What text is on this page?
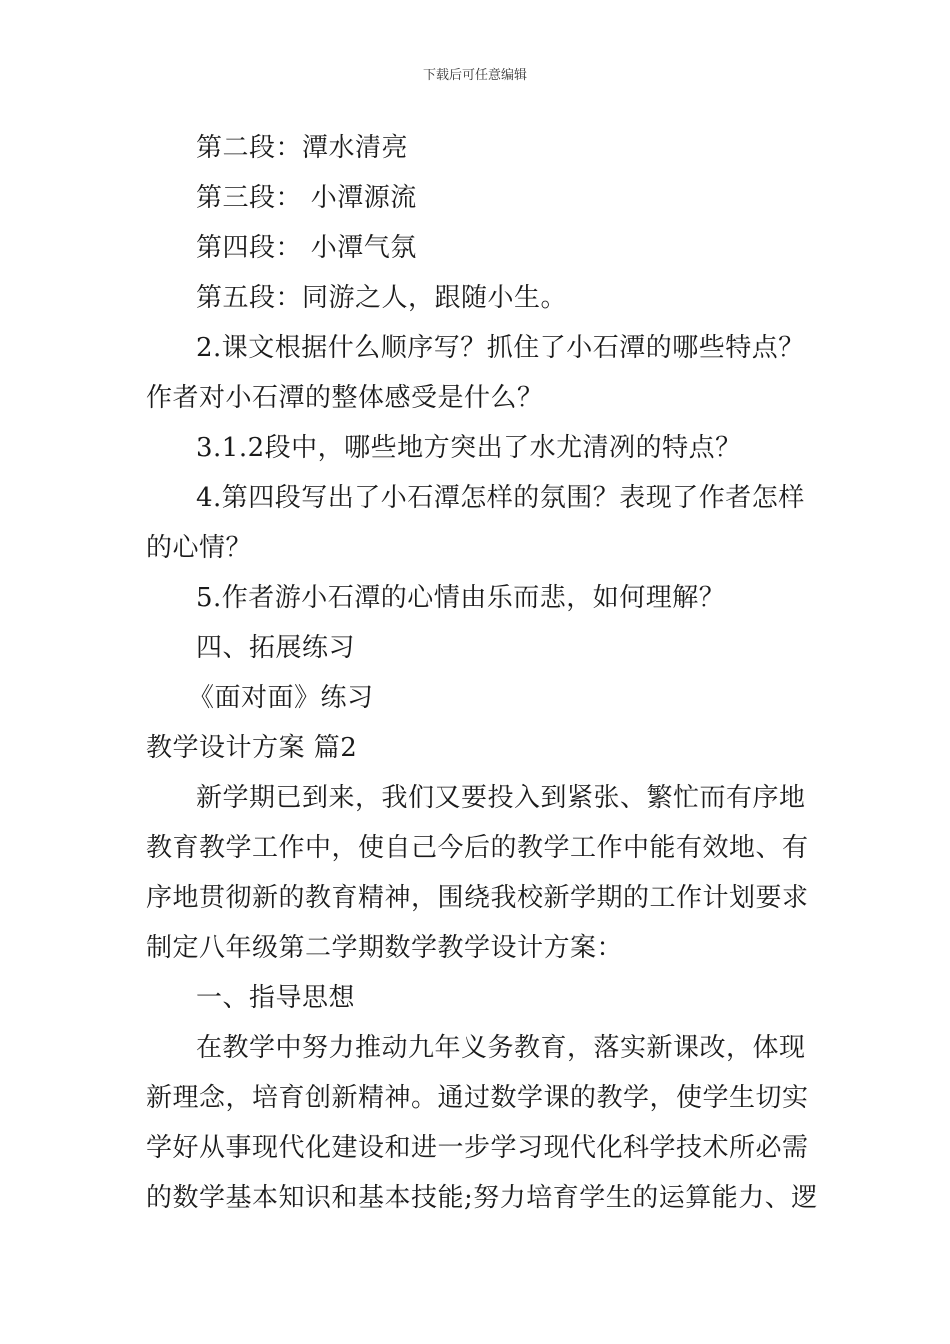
下载后可任意编辑
第二段：潭水清亮
第三段： 小潭源流
第四段： 小潭气氛
第五段：同游之人，跟随小生。
2.课文根据什么顺序写？抓住了小石潭的哪些特点？
作者对小石潭的整体感受是什么？
3.1.2段中，哪些地方突出了水尤清冽的特点？
4.第四段写出了小石潭怎样的氛围？表现了作者怎样
的心情？
5.作者游小石潭的心情由乐而悲，如何理解？
四、拓展练习
《面对面》练习
教学设计方案 篇2
新学期已到来，我们又要投入到紧张、繁忙而有序地
教育教学工作中，使自己今后的教学工作中能有效地、有
序地贯彻新的教育精神，围绕我校新学期的工作计划要求
制定八年级第二学期数学教学设计方案：
一、指导思想
在教学中努力推动九年义务教育，落实新课改，体现
新理念，培育创新精神。通过数学课的教学，使学生切实
学好从事现代化建设和进一步学习现代化科学技术所必需
的数学基本知识和基本技能;努力培育学生的运算能力、逻
